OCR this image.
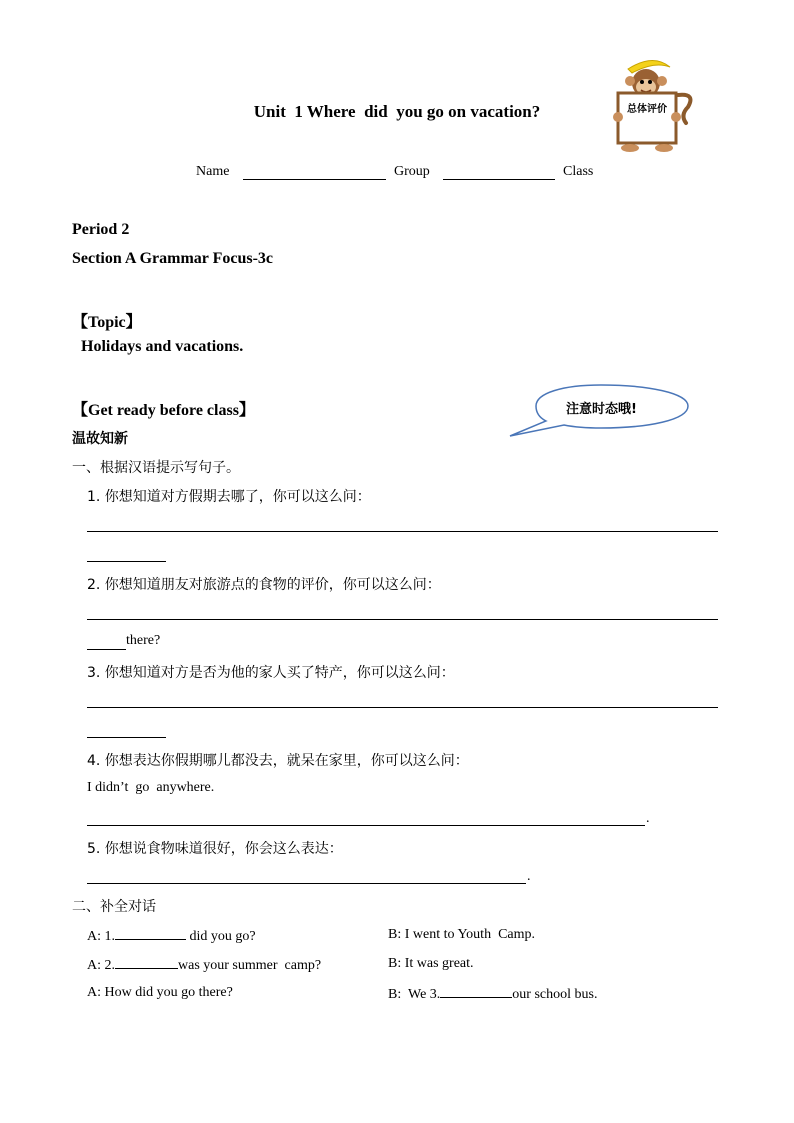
Unit  1 Where  did  you go on vacation?	总体评价
Name	Group	Class
Period 2
Section A Grammar Focus-3c
【Topic】
Holidays and vacations.
【Get ready before class】	注意时态哦!
温故知新
一、根据汉语提示写句子。
1. 你想知道对方假期去哪了，你可以这么问：
2. 你想知道朋友对旅游点的食物的评价，你可以这么问：
there?
3. 你想知道对方是否为他的家人买了特产，你可以这么问：
4. 你想表达你假期哪儿都没去，就呆在家里，你可以这么问：
I didn’t  go  anywhere.
.
5. 你想说食物味道很好，你会这么表达：
.
二、补全对话
A: 1.	did you go?	B: I went to Youth  Camp.
A: 2.	was your summer  camp?	B: It was great.
A: How did you go there?	B:  We 3.	our school bus.
